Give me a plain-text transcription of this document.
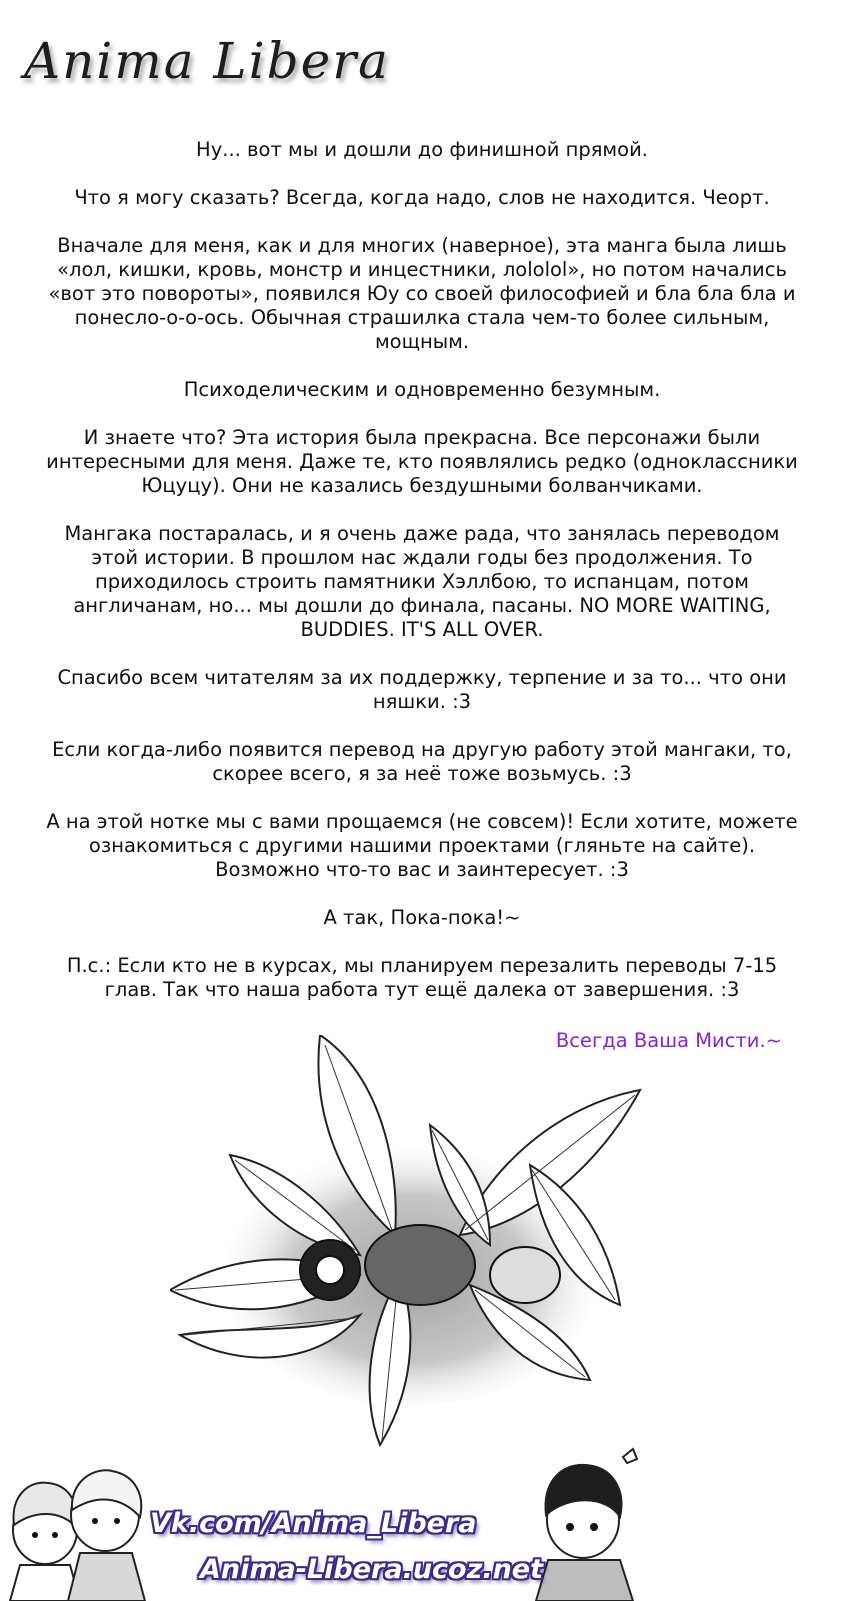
Anima Libera

Ну... вот мы и дошли до финишной прямой.

Что я могу сказать? Всегда, когда надо, слов не находится. Чеорт.

Вначале для меня, как и для многих (наверное), эта манга была лишь «лол, кишки, кровь, монстр и инцестники, лololol», но потом начались «вот это повороты», появился Юу со своей философией и бла бла бла и понесло-о-о-ось. Обычная страшилка стала чем-то более сильным, мощным.

Психоделическим и одновременно безумным.

И знаете что? Эта история была прекрасна. Все персонажи были интересными для меня. Даже те, кто появлялись редко (одноклассники Юцуцу). Они не казались бездушными болванчиками.

Мангака постаралась, и я очень даже рада, что занялась переводом этой истории. В прошлом нас ждали годы без продолжения. То приходилось строить памятники Хэллбою, то испанцам, потом англичанам, но... мы дошли до финала, пасаны. NO MORE WAITING, BUDDIES. IT'S ALL OVER.

Спасибо всем читателям за их поддержку, терпение и за то... что они няшки. :3

Если когда-либо появится перевод на другую работу этой мангаки, то, скорее всего, я за неё тоже возьмусь. :3

А на этой нотке мы с вами прощаемся (не совсем)! Если хотите, можете ознакомиться с другими нашими проектами (гляньте на сайте). Возможно что-то вас и заинтересует. :3

А так, Пока-пока!~

П.с.: Если кто не в курсах, мы планируем перезалить переводы 7-15 глав. Так что наша работа тут ещё далека от завершения. :3

Всегда Ваша Мисти.~
Vk.com/Anima_Libera
Anima-Libera.ucoz.net
